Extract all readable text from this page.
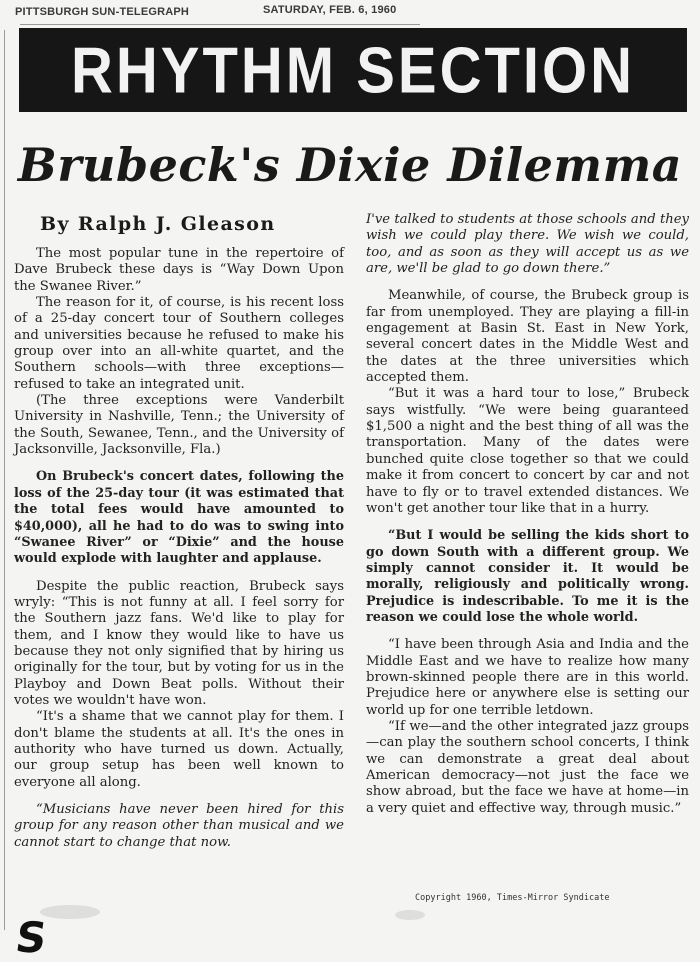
PITTSBURGH SUN-TELEGRAPH	SATURDAY, FEB. 6, 1960
RHYTHM SECTION
Brubeck's Dixie Dilemma
By Ralph J. Gleason

The most popular tune in the repertoire of Dave Brubeck these days is “Way Down Upon the Swanee River.”

The reason for it, of course, is his recent loss of a 25-day concert tour of Southern colleges and universities because he refused to make his group over into an all-white quartet, and the Southern schools—with three exceptions—refused to take an integrated unit.

(The three exceptions were Vanderbilt University in Nashville, Tenn.; the University of the South, Sewanee, Tenn., and the University of Jacksonville, Jacksonville, Fla.)

On Brubeck's concert dates, following the loss of the 25-day tour (it was estimated that the total fees would have amounted to $40,000), all he had to do was to swing into “Swanee River” or “Dixie” and the house would explode with laughter and applause.

Despite the public reaction, Brubeck says wryly: “This is not funny at all. I feel sorry for the Southern jazz fans. We'd like to play for them, and I know they would like to have us because they not only signified that by hiring us originally for the tour, but by voting for us in the Playboy and Down Beat polls. Without their votes we wouldn't have won.

“It's a shame that we cannot play for them. I don't blame the students at all. It's the ones in authority who have turned us down. Actually, our group setup has been well known to everyone all along.

“Musicians have never been hired for this group for any reason other than musical and we cannot start to change that now.

I've talked to students at those schools and they wish we could play there. We wish we could, too, and as soon as they will accept us as we are, we'll be glad to go down there.”

Meanwhile, of course, the Brubeck group is far from unemployed. They are playing a fill-in engagement at Basin St. East in New York, several concert dates in the Middle West and the dates at the three universities which accepted them.

“But it was a hard tour to lose,” Brubeck says wistfully. “We were being guaranteed $1,500 a night and the best thing of all was the transportation. Many of the dates were bunched quite close together so that we could make it from concert to concert by car and not have to fly or to travel extended distances. We won't get another tour like that in a hurry.

“But I would be selling the kids short to go down South with a different group. We simply cannot consider it. It would be morally, religiously and politically wrong. Prejudice is indescribable. To me it is the reason we could lose the whole world.

“I have been through Asia and India and the Middle East and we have to realize how many brown-skinned people there are in this world. Prejudice here or anywhere else is setting our world up for one terrible letdown.

“If we—and the other integrated jazz groups—can play the southern school concerts, I think we can demonstrate a great deal about American democracy—not just the face we show abroad, but the face we have at home—in a very quiet and effective way, through music.”

Copyright 1960, Times-Mirror Syndicate
S
